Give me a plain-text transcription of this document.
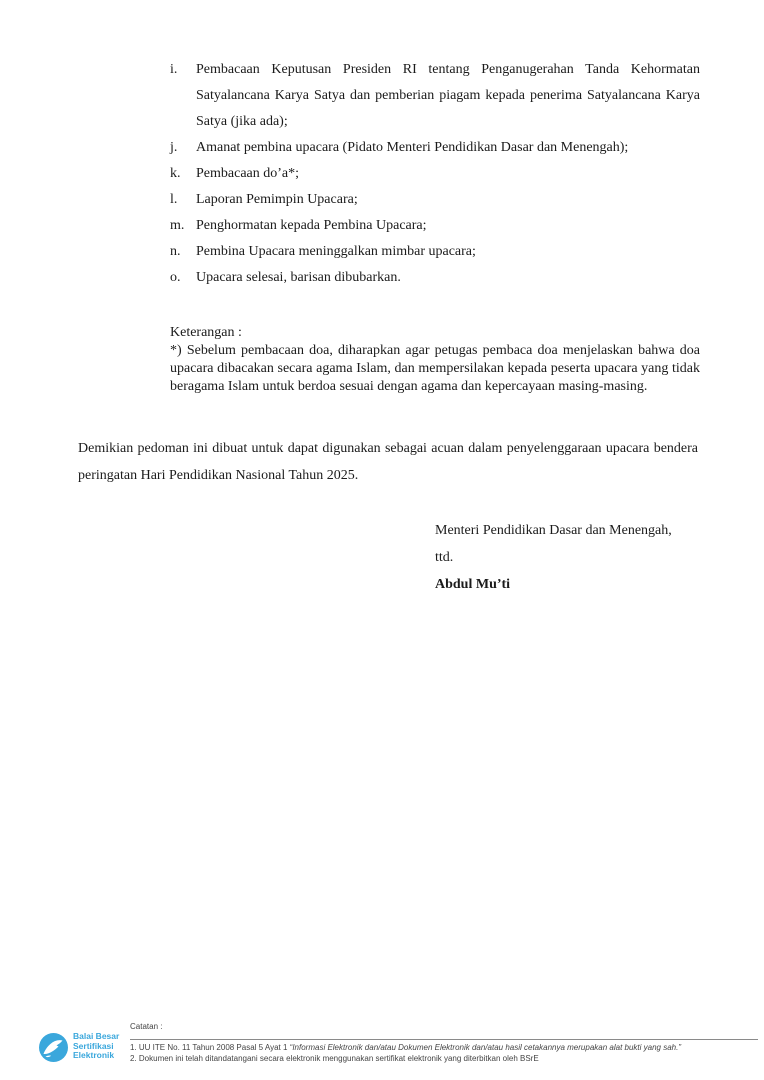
i.	Pembacaan Keputusan Presiden RI tentang Penganugerahan Tanda Kehormatan Satyalancana Karya Satya dan pemberian piagam kepada penerima Satyalancana Karya Satya (jika ada);
j.	Amanat pembina upacara (Pidato Menteri Pendidikan Dasar dan Menengah);
k.	Pembacaan do’a*;
l.	Laporan Pemimpin Upacara;
m. Penghormatan kepada Pembina Upacara;
n.	Pembina Upacara meninggalkan mimbar upacara;
o.	Upacara selesai, barisan dibubarkan.
Keterangan :
*) Sebelum pembacaan doa, diharapkan agar petugas pembaca doa menjelaskan bahwa doa upacara dibacakan secara agama Islam, dan mempersilakan kepada peserta upacara yang tidak beragama Islam untuk berdoa sesuai dengan agama dan kepercayaan masing-masing.
Demikian pedoman ini dibuat untuk dapat digunakan sebagai acuan dalam penyelenggaraan upacara bendera peringatan Hari Pendidikan Nasional Tahun 2025.
Menteri Pendidikan Dasar dan Menengah,
ttd.
Abdul Mu’ti
Balai Besar
Sertifikasi
Elektronik
Catatan :
1. UU ITE No. 11 Tahun 2008 Pasal 5 Ayat 1 “Informasi Elektronik dan/atau Dokumen Elektronik dan/atau hasil cetakannya merupakan alat bukti yang sah.”
2. Dokumen ini telah ditandatangani secara elektronik menggunakan sertifikat elektronik yang diterbitkan oleh BSrE
